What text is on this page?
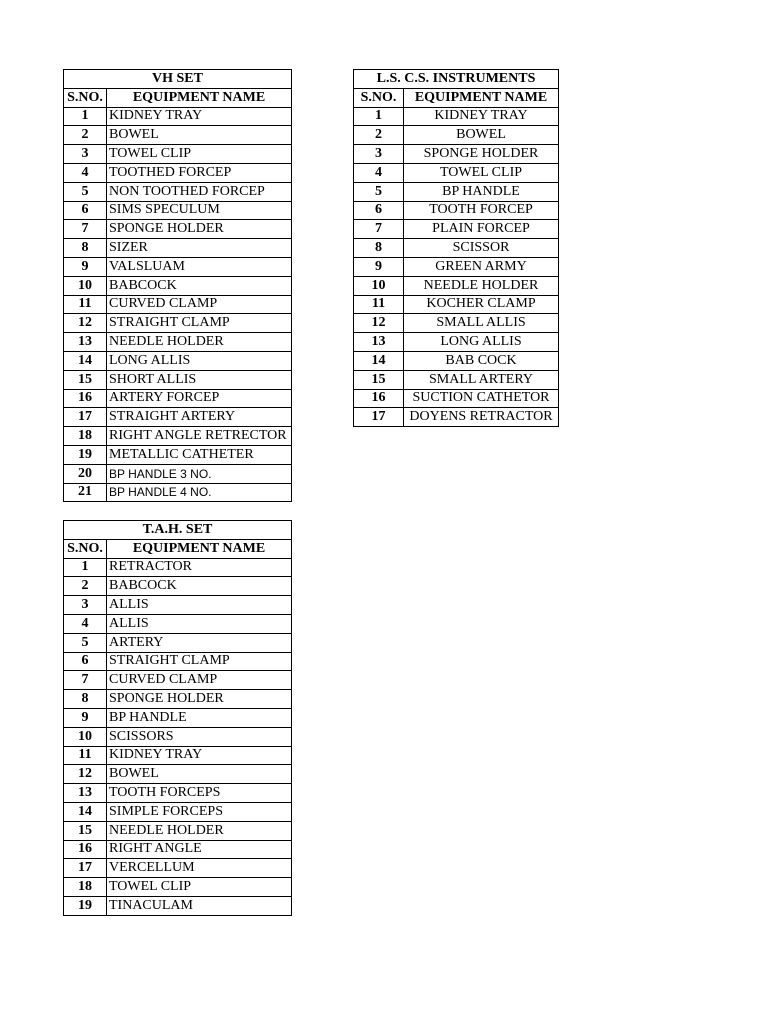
VH SET	
S.NO.	EQUIPMENT NAME
1	KIDNEY TRAY
2	BOWEL
3	TOWEL CLIP
4	TOOTHED FORCEP
5	NON TOOTHED FORCEP
6	SIMS SPECULUM
7	SPONGE HOLDER
8	SIZER
9	VALSLUAM
10	BABCOCK
11	CURVED CLAMP
12	STRAIGHT CLAMP
13	NEEDLE HOLDER
14	LONG ALLIS
15	SHORT ALLIS
16	ARTERY FORCEP
17	STRAIGHT ARTERY
18	RIGHT ANGLE RETRECTOR
19	METALLIC CATHETER
20	BP HANDLE 3 NO.
21	BP HANDLE 4 NO.
L.S. C.S. INSTRUMENTS	
S.NO.	EQUIPMENT NAME
1	KIDNEY TRAY
2	BOWEL
3	SPONGE HOLDER
4	TOWEL CLIP
5	BP HANDLE
6	TOOTH FORCEP
7	PLAIN FORCEP
8	SCISSOR
9	GREEN ARMY
10	NEEDLE HOLDER
11	KOCHER CLAMP
12	SMALL ALLIS
13	LONG ALLIS
14	BAB COCK
15	SMALL ARTERY
16	SUCTION CATHETOR
17	DOYENS RETRACTOR
T.A.H. SET	
S.NO.	EQUIPMENT NAME
1	RETRACTOR
2	BABCOCK
3	ALLIS
4	ALLIS
5	ARTERY
6	STRAIGHT CLAMP
7	CURVED CLAMP
8	SPONGE HOLDER
9	BP HANDLE
10	SCISSORS
11	KIDNEY TRAY
12	BOWEL
13	TOOTH FORCEPS
14	SIMPLE FORCEPS
15	NEEDLE HOLDER
16	RIGHT ANGLE
17	VERCELLUM
18	TOWEL CLIP
19	TINACULAM
